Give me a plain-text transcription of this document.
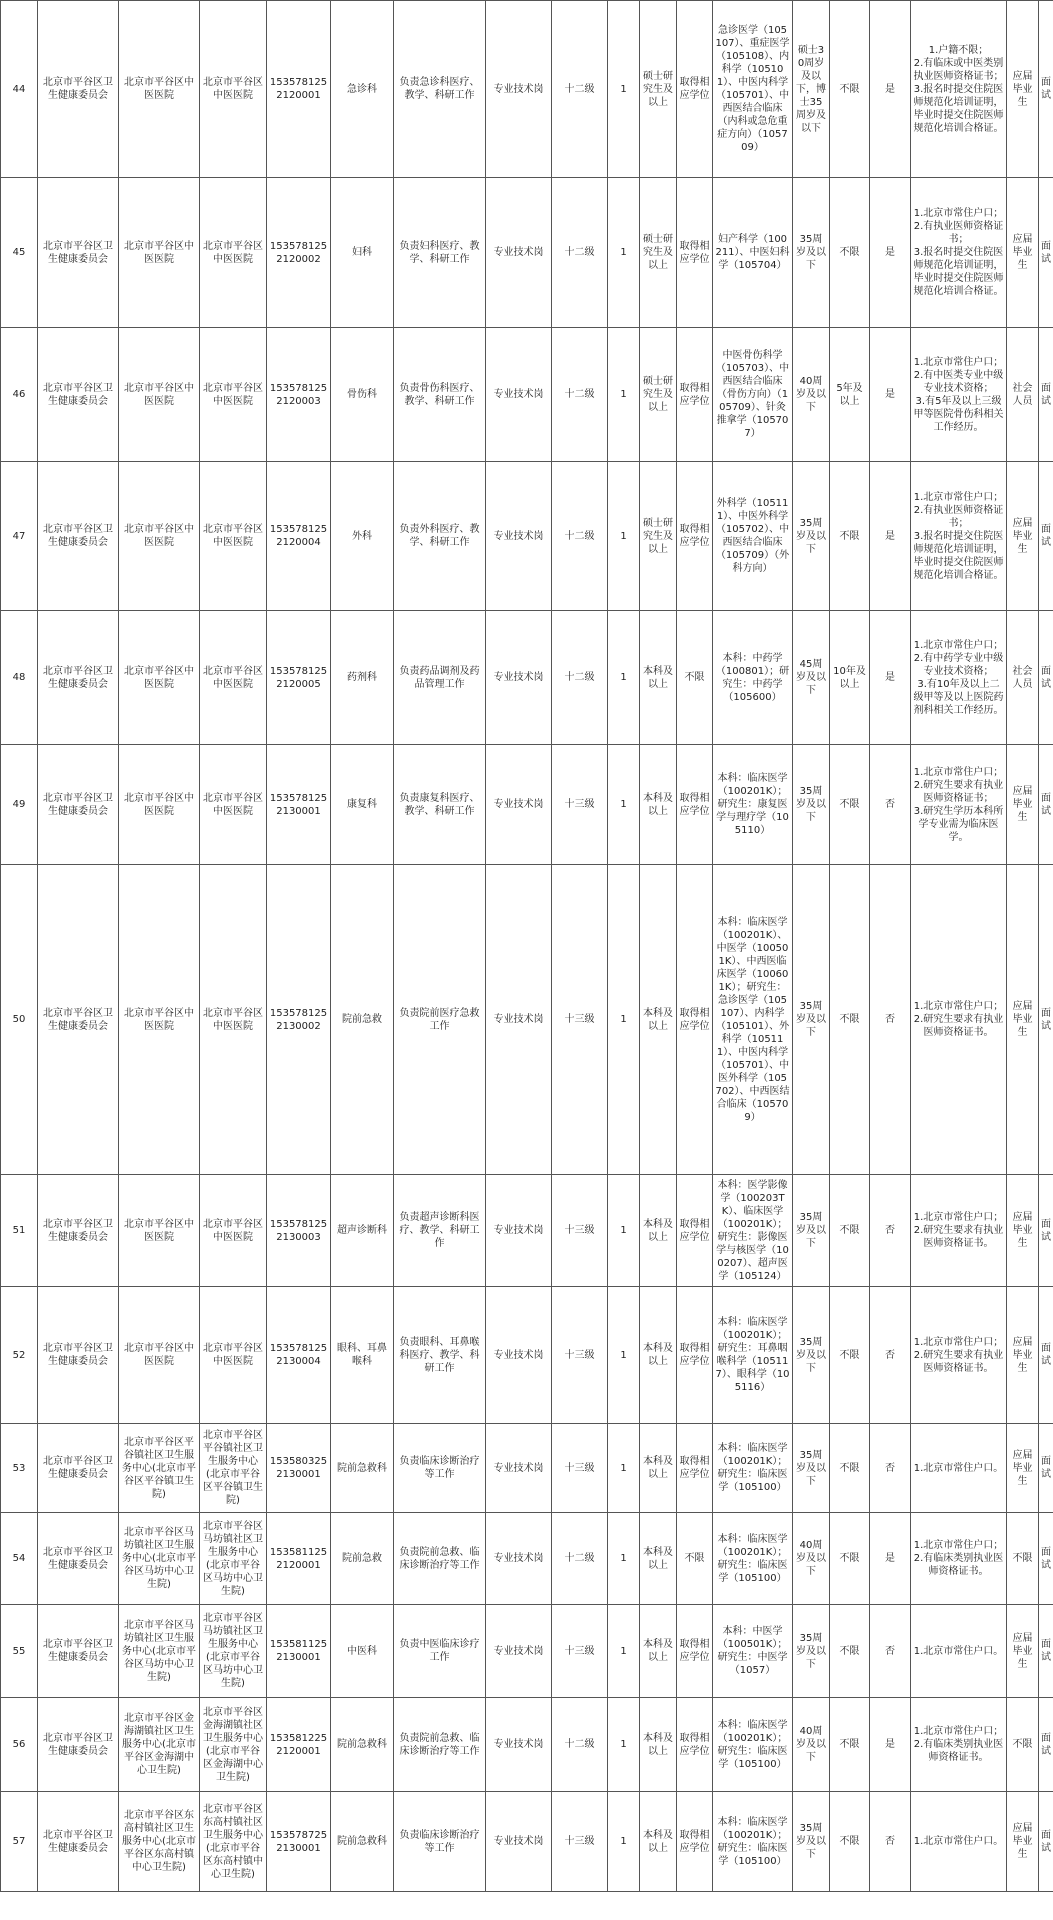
44	北京市平谷区卫生健康委员会	北京市平谷区中医医院	北京市平谷区中医医院	1535781252120001	急诊科	负责急诊科医疗、教学、科研工作	专业技术岗	十二级	1	硕士研究生及以上	取得相应学位	急诊医学（105107）、重症医学（105108）、内科学（105101）、中医内科学（105701）、中西医结合临床（内科或急危重症方向）（105709）	硕士30周岁及以下，博士35周岁及以下	不限	是	1.户籍不限；
2.有临床或中医类别执业医师资格证书；
3.报名时提交住院医师规范化培训证明，毕业时提交住院医师规范化培训合格证。	应届毕业生	面试
45	北京市平谷区卫生健康委员会	北京市平谷区中医医院	北京市平谷区中医医院	1535781252120002	妇科	负责妇科医疗、教学、科研工作	专业技术岗	十二级	1	硕士研究生及以上	取得相应学位	妇产科学（100211）、中医妇科学（105704）	35周岁及以下	不限	是	1.北京市常住户口；
2.有执业医师资格证书；
3.报名时提交住院医师规范化培训证明，毕业时提交住院医师规范化培训合格证。	应届毕业生	面试
46	北京市平谷区卫生健康委员会	北京市平谷区中医医院	北京市平谷区中医医院	1535781252120003	骨伤科	负责骨伤科医疗、教学、科研工作	专业技术岗	十二级	1	硕士研究生及以上	取得相应学位	中医骨伤科学（105703）、中西医结合临床（骨伤方向）（105709）、针灸推拿学（105707）	40周岁及以下	5年及以上	是	1.北京市常住户口；
2.有中医类专业中级专业技术资格；
3.有5年及以上三级甲等医院骨伤科相关工作经历。	社会人员	面试
47	北京市平谷区卫生健康委员会	北京市平谷区中医医院	北京市平谷区中医医院	1535781252120004	外科	负责外科医疗、教学、科研工作	专业技术岗	十二级	1	硕士研究生及以上	取得相应学位	外科学（105111）、中医外科学（105702）、中西医结合临床（105709）（外科方向）	35周岁及以下	不限	是	1.北京市常住户口；
2.有执业医师资格证书；
3.报名时提交住院医师规范化培训证明，毕业时提交住院医师规范化培训合格证。	应届毕业生	面试
48	北京市平谷区卫生健康委员会	北京市平谷区中医医院	北京市平谷区中医医院	1535781252120005	药剂科	负责药品调剂及药品管理工作	专业技术岗	十二级	1	本科及以上	不限	本科：中药学（100801）；研究生：中药学（105600）	45周岁及以下	10年及以上	是	1.北京市常住户口；
2.有中药学专业中级专业技术资格；
3.有10年及以上二级甲等及以上医院药剂科相关工作经历。	社会人员	面试
49	北京市平谷区卫生健康委员会	北京市平谷区中医医院	北京市平谷区中医医院	1535781252130001	康复科	负责康复科医疗、教学、科研工作	专业技术岗	十三级	1	本科及以上	取得相应学位	本科：临床医学（100201K）；研究生：康复医学与理疗学（105110）	35周岁及以下	不限	否	1.北京市常住户口；
2.研究生要求有执业医师资格证书；
3.研究生学历本科所学专业需为临床医学。	应届毕业生	面试
50	北京市平谷区卫生健康委员会	北京市平谷区中医医院	北京市平谷区中医医院	1535781252130002	院前急救	负责院前医疗急救工作	专业技术岗	十三级	1	本科及以上	取得相应学位	本科：临床医学（100201K）、中医学（100501K）、中西医临床医学（100601K）；研究生：急诊医学（105107）、内科学（105101）、外科学（105111）、中医内科学（105701）、中医外科学（105702）、中西医结合临床（105709）	35周岁及以下	不限	否	1.北京市常住户口；
2.研究生要求有执业医师资格证书。	应届毕业生	面试
51	北京市平谷区卫生健康委员会	北京市平谷区中医医院	北京市平谷区中医医院	1535781252130003	超声诊断科	负责超声诊断科医疗、教学、科研工作	专业技术岗	十三级	1	本科及以上	取得相应学位	本科：医学影像学（100203TK）、临床医学（100201K）；研究生：影像医学与核医学（100207）、超声医学（105124）	35周岁及以下	不限	否	1.北京市常住户口；
2.研究生要求有执业医师资格证书。	应届毕业生	面试
52	北京市平谷区卫生健康委员会	北京市平谷区中医医院	北京市平谷区中医医院	1535781252130004	眼科、耳鼻喉科	负责眼科、耳鼻喉科医疗、教学、科研工作	专业技术岗	十三级	1	本科及以上	取得相应学位	本科：临床医学（100201K）；研究生：耳鼻咽喉科学（105117）、眼科学（105116）	35周岁及以下	不限	否	1.北京市常住户口；
2.研究生要求有执业医师资格证书。	应届毕业生	面试
53	北京市平谷区卫生健康委员会	北京市平谷区平谷镇社区卫生服务中心(北京市平谷区平谷镇卫生院)	北京市平谷区平谷镇社区卫生服务中心(北京市平谷区平谷镇卫生院)	1535803252130001	院前急救科	负责临床诊断治疗等工作	专业技术岗	十三级	1	本科及以上	取得相应学位	本科：临床医学（100201K）；研究生：临床医学（105100）	35周岁及以下	不限	否	1.北京市常住户口。	应届毕业生	面试
54	北京市平谷区卫生健康委员会	北京市平谷区马坊镇社区卫生服务中心(北京市平谷区马坊中心卫生院)	北京市平谷区马坊镇社区卫生服务中心(北京市平谷区马坊中心卫生院)	1535811252120001	院前急救	负责院前急救、临床诊断治疗等工作	专业技术岗	十二级	1	本科及以上	不限	本科：临床医学（100201K）；研究生：临床医学（105100）	40周岁及以下	不限	是	1.北京市常住户口；
2.有临床类别执业医师资格证书。	不限	面试
55	北京市平谷区卫生健康委员会	北京市平谷区马坊镇社区卫生服务中心(北京市平谷区马坊中心卫生院)	北京市平谷区马坊镇社区卫生服务中心(北京市平谷区马坊中心卫生院)	1535811252130001	中医科	负责中医临床诊疗工作	专业技术岗	十三级	1	本科及以上	取得相应学位	本科：中医学（100501K）；研究生：中医学（1057）	35周岁及以下	不限	否	1.北京市常住户口。	应届毕业生	面试
56	北京市平谷区卫生健康委员会	北京市平谷区金海湖镇社区卫生服务中心(北京市平谷区金海湖中心卫生院)	北京市平谷区金海湖镇社区卫生服务中心(北京市平谷区金海湖中心卫生院)	1535812252120001	院前急救科	负责院前急救、临床诊断治疗等工作	专业技术岗	十二级	1	本科及以上	取得相应学位	本科：临床医学（100201K）；研究生：临床医学（105100）	40周岁及以下	不限	是	1.北京市常住户口；
2.有临床类别执业医师资格证书。	不限	面试
57	北京市平谷区卫生健康委员会	北京市平谷区东高村镇社区卫生服务中心(北京市平谷区东高村镇中心卫生院)	北京市平谷区东高村镇社区卫生服务中心(北京市平谷区东高村镇中心卫生院)	1535787252130001	院前急救科	负责临床诊断治疗等工作	专业技术岗	十三级	1	本科及以上	取得相应学位	本科：临床医学（100201K）；研究生：临床医学（105100）	35周岁及以下	不限	否	1.北京市常住户口。	应届毕业生	面试
